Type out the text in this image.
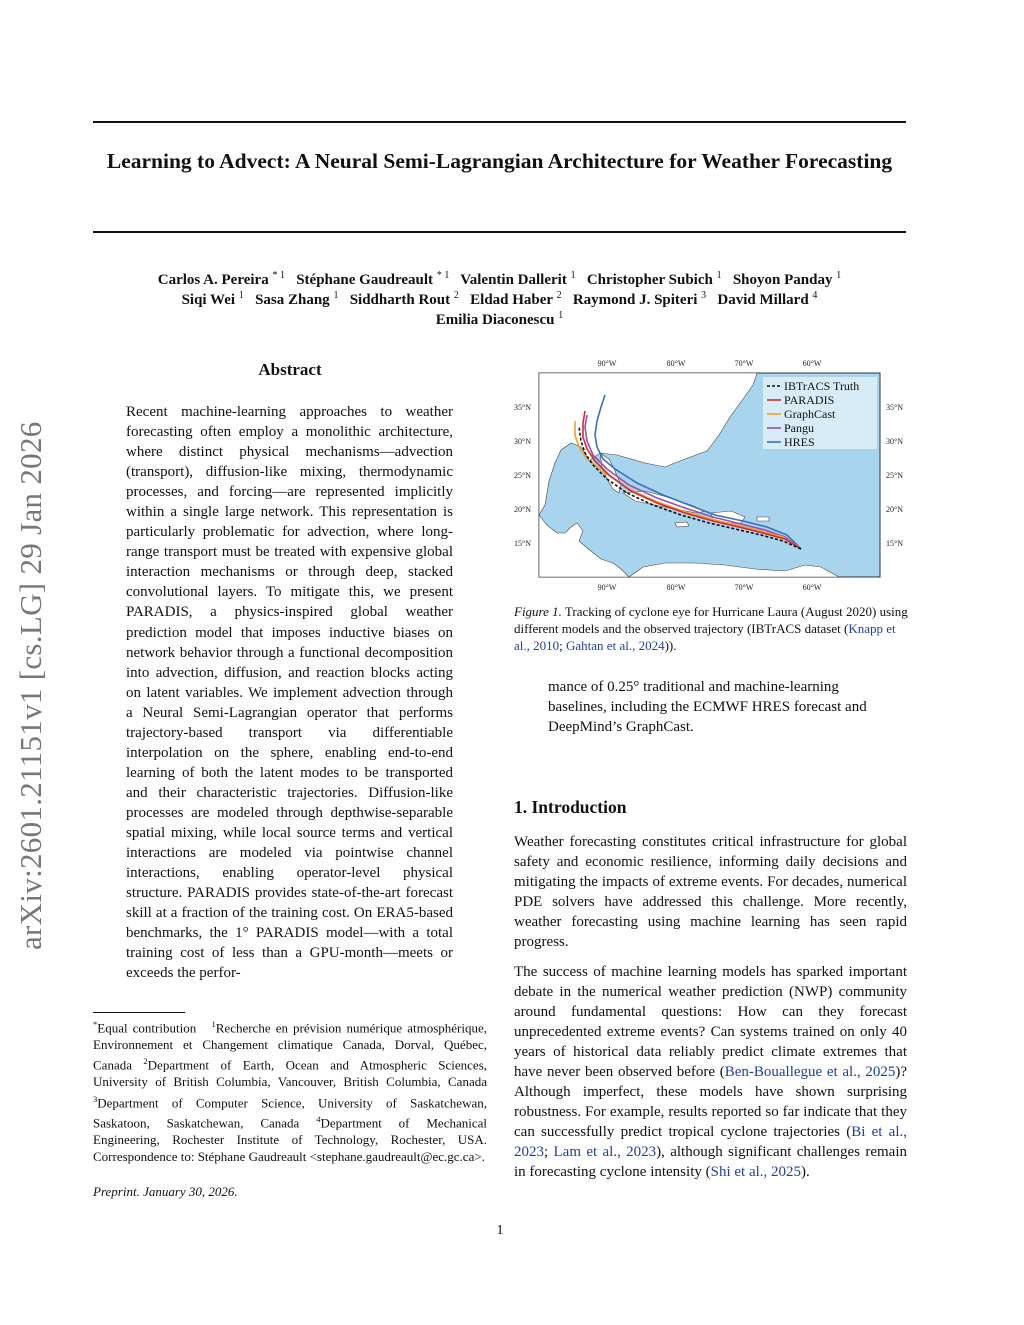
Learning to Advect: A Neural Semi-Lagrangian Architecture for Weather Forecasting
Carlos A. Pereira $^{* 1}$ Stéphane Gaudreault $^{* 1}$ Valentin Dallerit $^1$ Christopher Subich $^1$ Shoyon Panday $^1$
Siqi Wei $^1$ Sasa Zhang $^1$ Siddharth Rout $^2$ Eldad Haber $^2$ Raymond J. Spiteri $^3$ David Millard $^4$
Emilia Diaconescu $^1$
arXiv:2601.21151v1 [cs.LG] 29 Jan 2026
Abstract
Recent machine-learning approaches to weather forecasting often employ a monolithic architecture, where distinct physical mechanisms—advection (transport), diffusion-like mixing, thermodynamic processes, and forcing—are represented implicitly within a single large network. This representation is particularly problematic for advection, where long-range transport must be treated with expensive global interaction mechanisms or through deep, stacked convolutional layers. To mitigate this, we present PARADIS, a physics-inspired global weather prediction model that imposes inductive biases on network behavior through a functional decomposition into advection, diffusion, and reaction blocks acting on latent variables. We implement advection through a Neural Semi-Lagrangian operator that performs trajectory-based transport via differentiable interpolation on the sphere, enabling end-to-end learning of both the latent modes to be transported and their characteristic trajectories. Diffusion-like processes are modeled through depthwise-separable spatial mixing, while local source terms and vertical interactions are modeled via pointwise channel interactions, enabling operator-level physical structure. PARADIS provides state-of-the-art forecast skill at a fraction of the training cost. On ERA5-based benchmarks, the 1° PARADIS model—with a total training cost of less than a GPU-month—meets or exceeds the perfor-
*Equal contribution $^1$Recherche en prévision numérique atmosphérique, Environnement et Changement climatique Canada, Dorval, Québec, Canada $^2$Department of Earth, Ocean and Atmospheric Sciences, University of British Columbia, Vancouver, British Columbia, Canada $^3$Department of Computer Science, University of Saskatchewan, Saskatoon, Saskatchewan, Canada $^4$Department of Mechanical Engineering, Rochester Institute of Technology, Rochester, USA. Correspondence to: Stéphane Gaudreault <stephane.gaudreault@ec.gc.ca>.
Preprint. January 30, 2026.
IBTrACS Truth
PARADIS
GraphCast
Pangu
HRES
90°W	80°W	70°W	60°W
90°W	80°W	70°W	60°W
35°N
30°N
25°N
20°N
15°N
35°N
30°N
25°N
20°N
15°N
Figure 1. Tracking of cyclone eye for Hurricane Laura (August 2020) using different models and the observed trajectory (IBTrACS dataset (Knapp et al., 2010; Gahtan et al., 2024)).
mance of 0.25° traditional and machine-learning baselines, including the ECMWF HRES forecast and DeepMind’s GraphCast.
1. Introduction
Weather forecasting constitutes critical infrastructure for global safety and economic resilience, informing daily decisions and mitigating the impacts of extreme events. For decades, numerical PDE solvers have addressed this challenge. More recently, weather forecasting using machine learning has seen rapid progress.
The success of machine learning models has sparked important debate in the numerical weather prediction (NWP) community around fundamental questions: How can they forecast unprecedented extreme events? Can systems trained on only 40 years of historical data reliably predict climate extremes that have never been observed before (Ben-Bouallegue et al., 2025)? Although imperfect, these models have shown surprising robustness. For example, results reported so far indicate that they can successfully predict tropical cyclone trajectories (Bi et al., 2023; Lam et al., 2023), although significant challenges remain in forecasting cyclone intensity (Shi et al., 2025).
1
